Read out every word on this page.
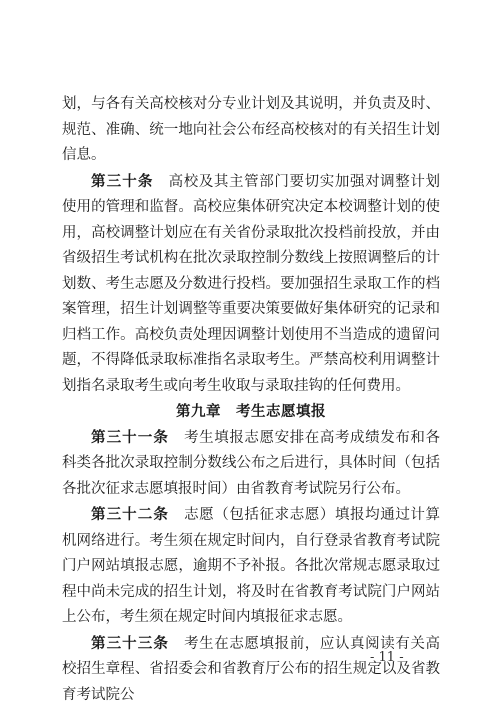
划，与各有关高校核对分专业计划及其说明，并负责及时、规范、准确、统一地向社会公布经高校核对的有关招生计划信息。

第三十条　 高校及其主管部门要切实加强对调整计划使用的管理和监督。高校应集体研究决定本校调整计划的使用，高校调整计划应在有关省份录取批次投档前投放，并由省级招生考试机构在批次录取控制分数线上按照调整后的计划数、考生志愿及分数进行投档。要加强招生录取工作的档案管理，招生计划调整等重要决策要做好集体研究的记录和归档工作。高校负责处理因调整计划使用不当造成的遗留问题，不得降低录取标准指名录取考生。严禁高校利用调整计划指名录取考生或向考生收取与录取挂钩的任何费用。

第九章　考生志愿填报

第三十一条　 考生填报志愿安排在高考成绩发布和各科类各批次录取控制分数线公布之后进行，具体时间（包括各批次征求志愿填报时间）由省教育考试院另行公布。

第三十二条　 志愿（包括征求志愿）填报均通过计算机网络进行。考生须在规定时间内，自行登录省教育考试院门户网站填报志愿，逾期不予补报。各批次常规志愿录取过程中尚未完成的招生计划，将及时在省教育考试院门户网站上公布，考生须在规定时间内填报征求志愿。

第三十三条　 考生在志愿填报前，应认真阅读有关高校招生章程、省招委会和省教育厅公布的招生规定以及省教育考试院公

- 11 -
